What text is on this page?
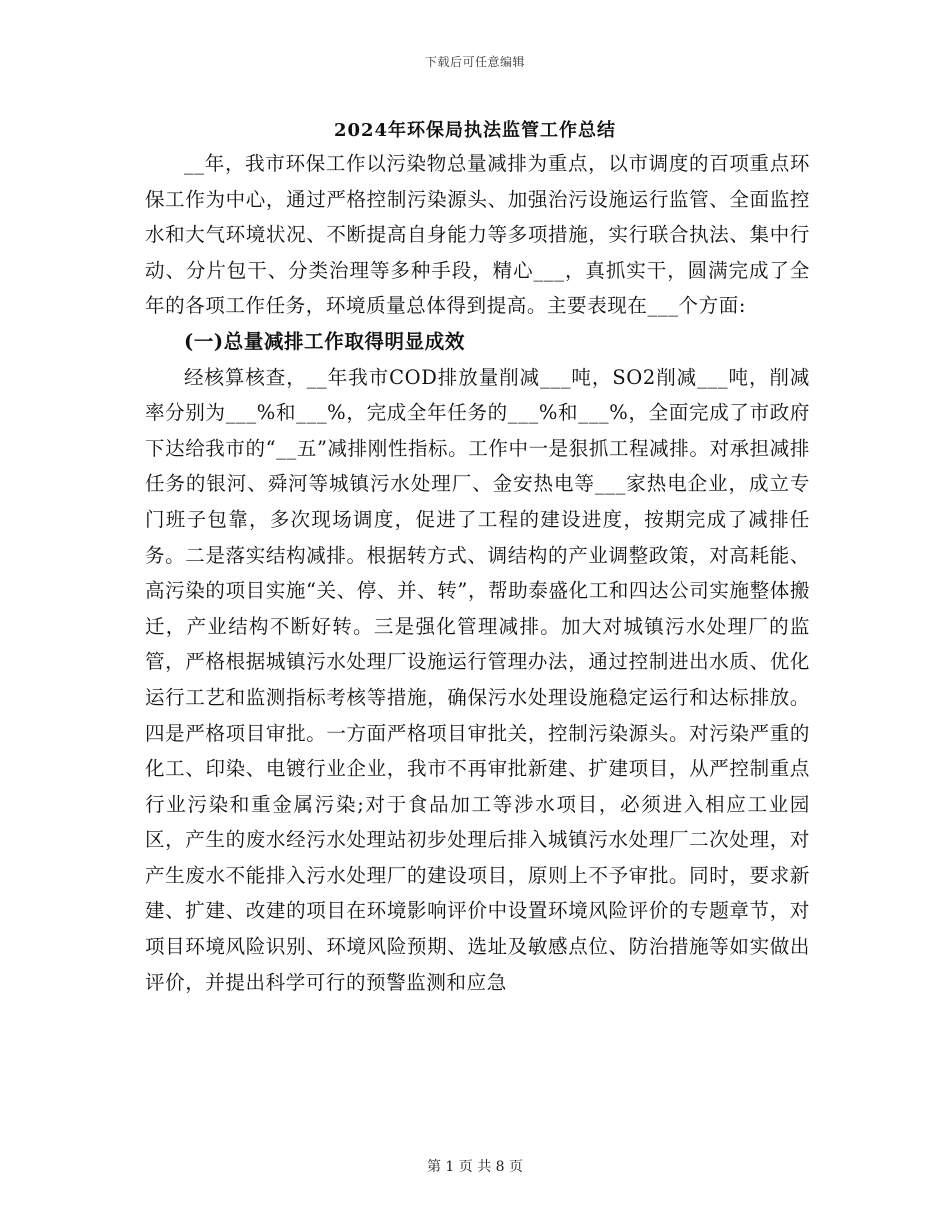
下载后可任意编辑
2024年环保局执法监管工作总结

__年，我市环保工作以污染物总量减排为重点，以市调度的百项重点环保工作为中心，通过严格控制污染源头、加强治污设施运行监管、全面监控水和大气环境状况、不断提高自身能力等多项措施，实行联合执法、集中行动、分片包干、分类治理等多种手段，精心___，真抓实干，圆满完成了全年的各项工作任务，环境质量总体得到提高。主要表现在___个方面:

(一)总量减排工作取得明显成效

经核算核查，__年我市COD排放量削减___吨，SO2削减___吨，削减率分别为___%和___%，完成全年任务的___%和___%，全面完成了市政府下达给我市的“__五”减排刚性指标。工作中一是狠抓工程减排。对承担减排任务的银河、舜河等城镇污水处理厂、金安热电等___家热电企业，成立专门班子包靠，多次现场调度，促进了工程的建设进度，按期完成了减排任务。二是落实结构减排。根据转方式、调结构的产业调整政策，对高耗能、高污染的项目实施“关、停、并、转”，帮助泰盛化工和四达公司实施整体搬迁，产业结构不断好转。三是强化管理减排。加大对城镇污水处理厂的监管，严格根据城镇污水处理厂设施运行管理办法，通过控制进出水质、优化运行工艺和监测指标考核等措施，确保污水处理设施稳定运行和达标排放。四是严格项目审批。一方面严格项目审批关，控制污染源头。对污染严重的化工、印染、电镀行业企业，我市不再审批新建、扩建项目，从严控制重点行业污染和重金属污染;对于食品加工等涉水项目，必须进入相应工业园区，产生的废水经污水处理站初步处理后排入城镇污水处理厂二次处理，对产生废水不能排入污水处理厂的建设项目，原则上不予审批。同时，要求新建、扩建、改建的项目在环境影响评价中设置环境风险评价的专题章节，对项目环境风险识别、环境风险预期、选址及敏感点位、防治措施等如实做出评价，并提出科学可行的预警监测和应急

第 1 页 共 8 页
